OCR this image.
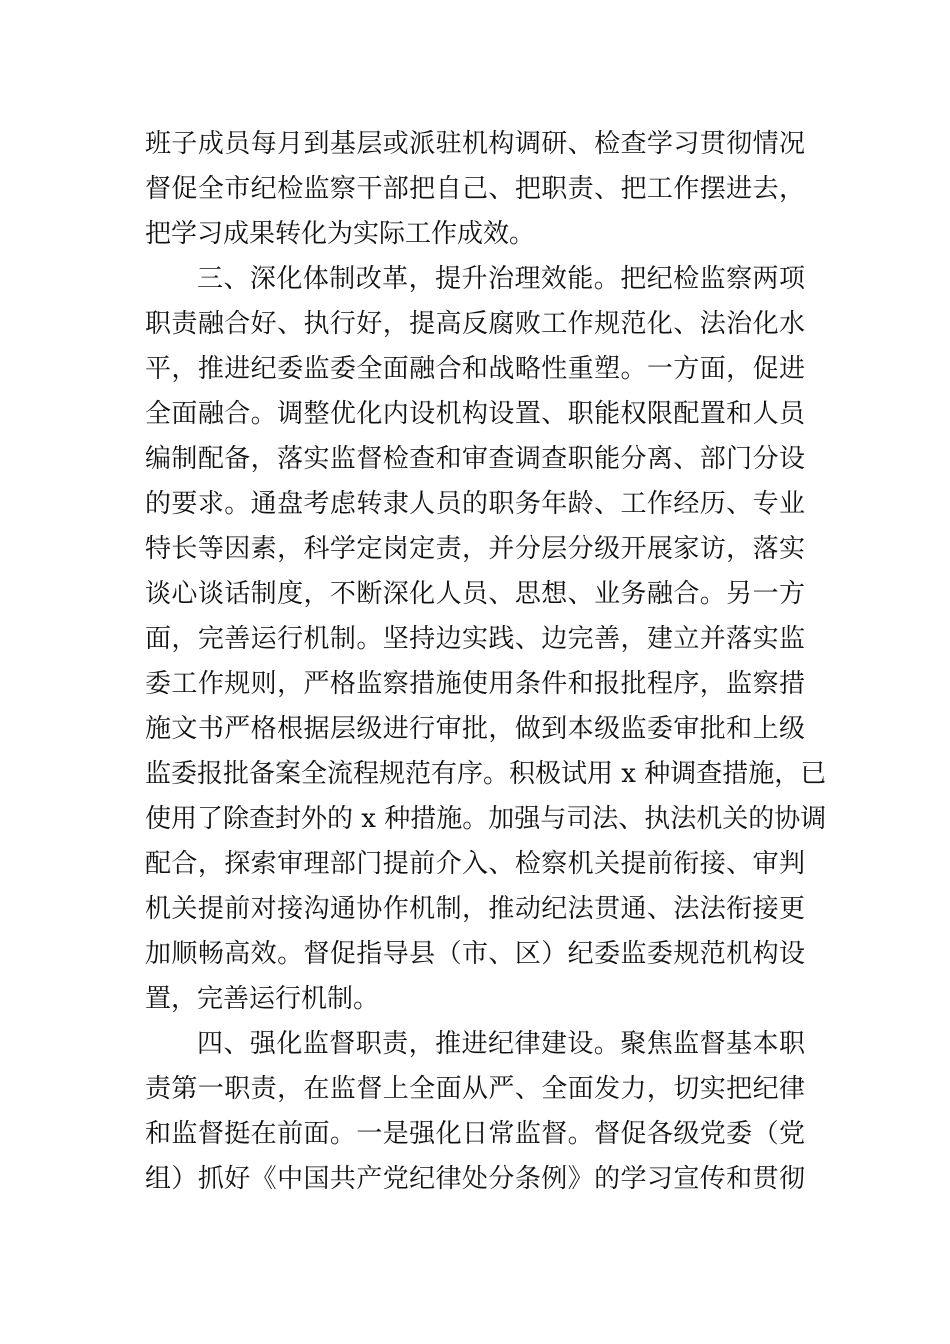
班子成员每月到基层或派驻机构调研、检查学习贯彻情况
督促全市纪检监察干部把自己、把职责、把工作摆进去，
把学习成果转化为实际工作成效。
三、深化体制改革，提升治理效能。把纪检监察两项
职责融合好、执行好，提高反腐败工作规范化、法治化水
平，推进纪委监委全面融合和战略性重塑。一方面，促进
全面融合。调整优化内设机构设置、职能权限配置和人员
编制配备，落实监督检查和审查调查职能分离、部门分设
的要求。通盘考虑转隶人员的职务年龄、工作经历、专业
特长等因素，科学定岗定责，并分层分级开展家访，落实
谈心谈话制度，不断深化人员、思想、业务融合。另一方
面，完善运行机制。坚持边实践、边完善，建立并落实监
委工作规则，严格监察措施使用条件和报批程序，监察措
施文书严格根据层级进行审批，做到本级监委审批和上级
监委报批备案全流程规范有序。积极试用 x 种调查措施，已
使用了除查封外的 x 种措施。加强与司法、执法机关的协调
配合，探索审理部门提前介入、检察机关提前衔接、审判
机关提前对接沟通协作机制，推动纪法贯通、法法衔接更
加顺畅高效。督促指导县（市、区）纪委监委规范机构设
置，完善运行机制。
四、强化监督职责，推进纪律建设。聚焦监督基本职
责第一职责，在监督上全面从严、全面发力，切实把纪律
和监督挺在前面。一是强化日常监督。督促各级党委（党
组）抓好《中国共产党纪律处分条例》的学习宣传和贯彻
